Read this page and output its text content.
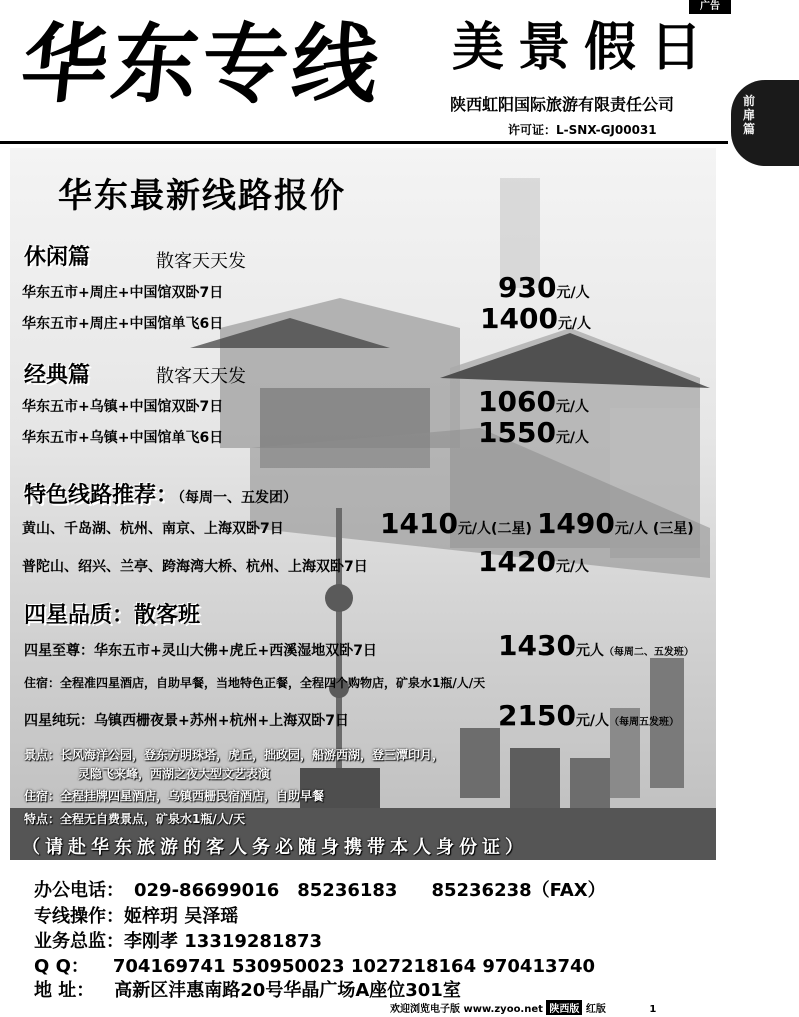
广告
华东专线 美景假日
陕西虹阳国际旅游有限责任公司
许可证：L-SNX-GJ00031
前扉篇
华东最新线路报价
休闲篇	散客天天发
华东五市+周庄+中国馆双卧7日	930元/人
华东五市+周庄+中国馆单飞6日	1400元/人
经典篇	散客天天发
华东五市+乌镇+中国馆双卧7日	1060元/人
华东五市+乌镇+中国馆单飞6日	1550元/人
特色线路推荐：（每周一、五发团）
黄山、千岛湖、杭州、南京、上海双卧7日	1410元/人(二星) 1490元/人 (三星)
普陀山、绍兴、兰亭、跨海湾大桥、杭州、上海双卧7日	1420元/人
四星品质：散客班
四星至尊：华东五市+灵山大佛+虎丘+西溪湿地双卧7日	1430元人（每周二、五发班）
住宿：全程准四星酒店，自助早餐，当地特色正餐，全程四个购物店，矿泉水1瓶/人/天
四星纯玩：乌镇西栅夜景+苏州+杭州+上海双卧7日	2150元/人（每周五发班）
景点：长风海洋公园，登东方明珠塔，虎丘，拙政园，船游西湖，登三潭印月，
灵隐飞来峰，西湖之夜大型文艺表演
住宿：全程挂牌四星酒店，乌镇西栅民宿酒店，自助早餐
特点：全程无自费景点，矿泉水1瓶/人/天
（请赴华东旅游的客人务必随身携带本人身份证）
办公电话： 029-86699016 85236183 85236238（FAX）
专线操作：姬梓玥 吴泽瑶
业务总监：李刚孝 13319281873
Q Q： 704169741 530950023 1027218164 970413740
地 址： 高新区沣惠南路20号华晶广场A座位301室
欢迎浏览电子版 www.zyoo.net 陕西版 红版	1
